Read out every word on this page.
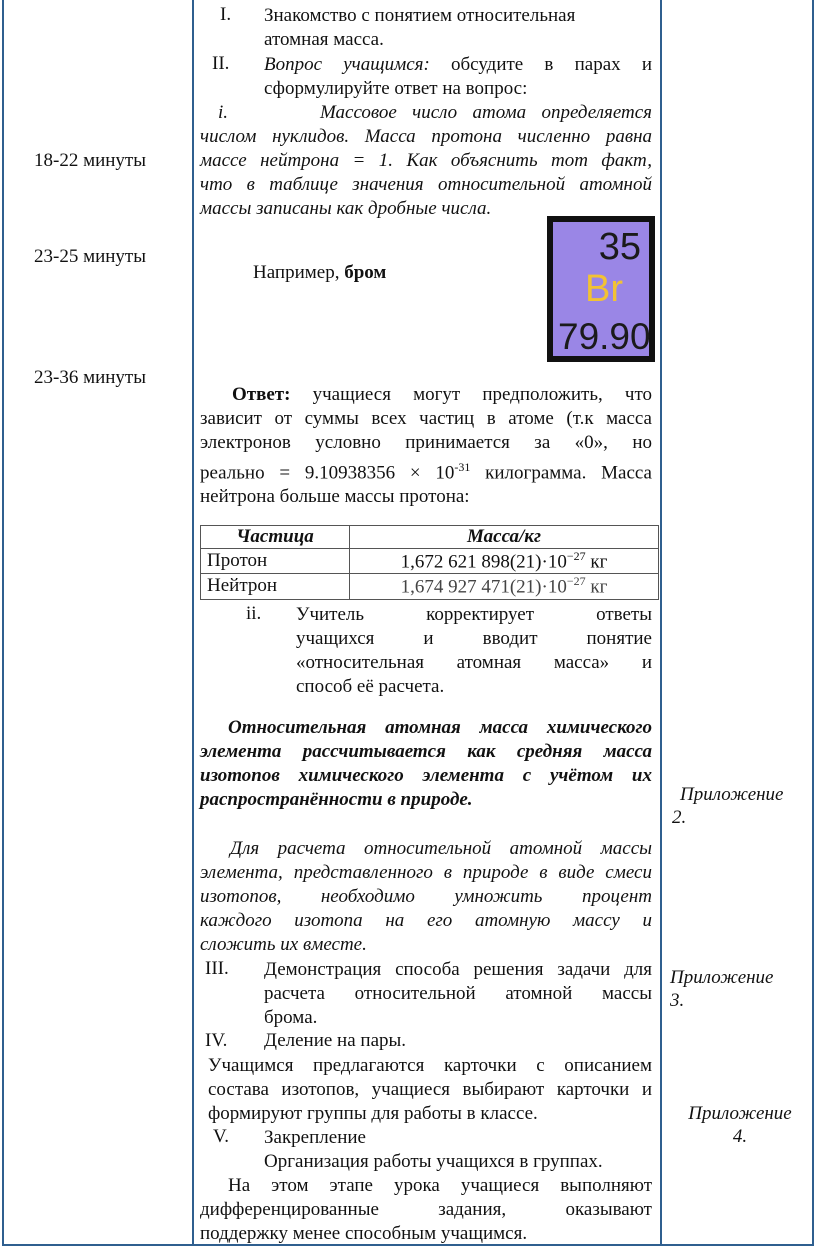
18-22 минуты
23-25 минуты
23-36 минуты
I. Знакомство с понятием относительная
атомная масса.
II. Вопрос учащимся: обсудите в парах и
сформулируйте ответ на вопрос:
i.	Массовое число атома определяется
числом нуклидов. Масса протона численно равна
массе нейтрона = 1. Как объяснить тот факт,
что в таблице значения относительной атомной
массы записаны как дробные числа.
Например, бром
35
Br
79.90
Ответ: учащиеся могут предположить, что
зависит от суммы всех частиц в атоме (т.к масса
электронов условно принимается за «0», но
реально = $9.10938356 \times 10^{-31}$ килограмма. Масса
нейтрона больше массы протона:
Частица	Масса/кг
Протон	1,672 621 $898(21)\cdot 10^{-27}$ кг
Нейтрон	1,674 927 $471(21)\cdot 10^{-27}$ кг
ii. Учитель корректирует ответы
учащихся и вводит понятие
«относительная атомная масса» и
способ её расчета.
Относительная атомная масса химического
элемента рассчитывается как средняя масса
изотопов химического элемента с учётом их
распространённости в природе.
Для расчета относительной атомной массы
элемента, представленного в природе в виде смеси
изотопов, необходимо умножить процент
каждого изотопа на его атомную массу и
сложить их вместе.
III. Демонстрация способа решения задачи для
расчета относительной атомной массы
брома.
IV. Деление на пары.
Учащимся предлагаются карточки с описанием
состава изотопов, учащиеся выбирают карточки и
формируют группы для работы в классе.
V. Закрепление
Организация работы учащихся в группах.
На этом этапе урока учащиеся выполняют
дифференцированные задания, оказывают
поддержку менее способным учащимся.
Приложение
2.
Приложение
3.
Приложение
4.
